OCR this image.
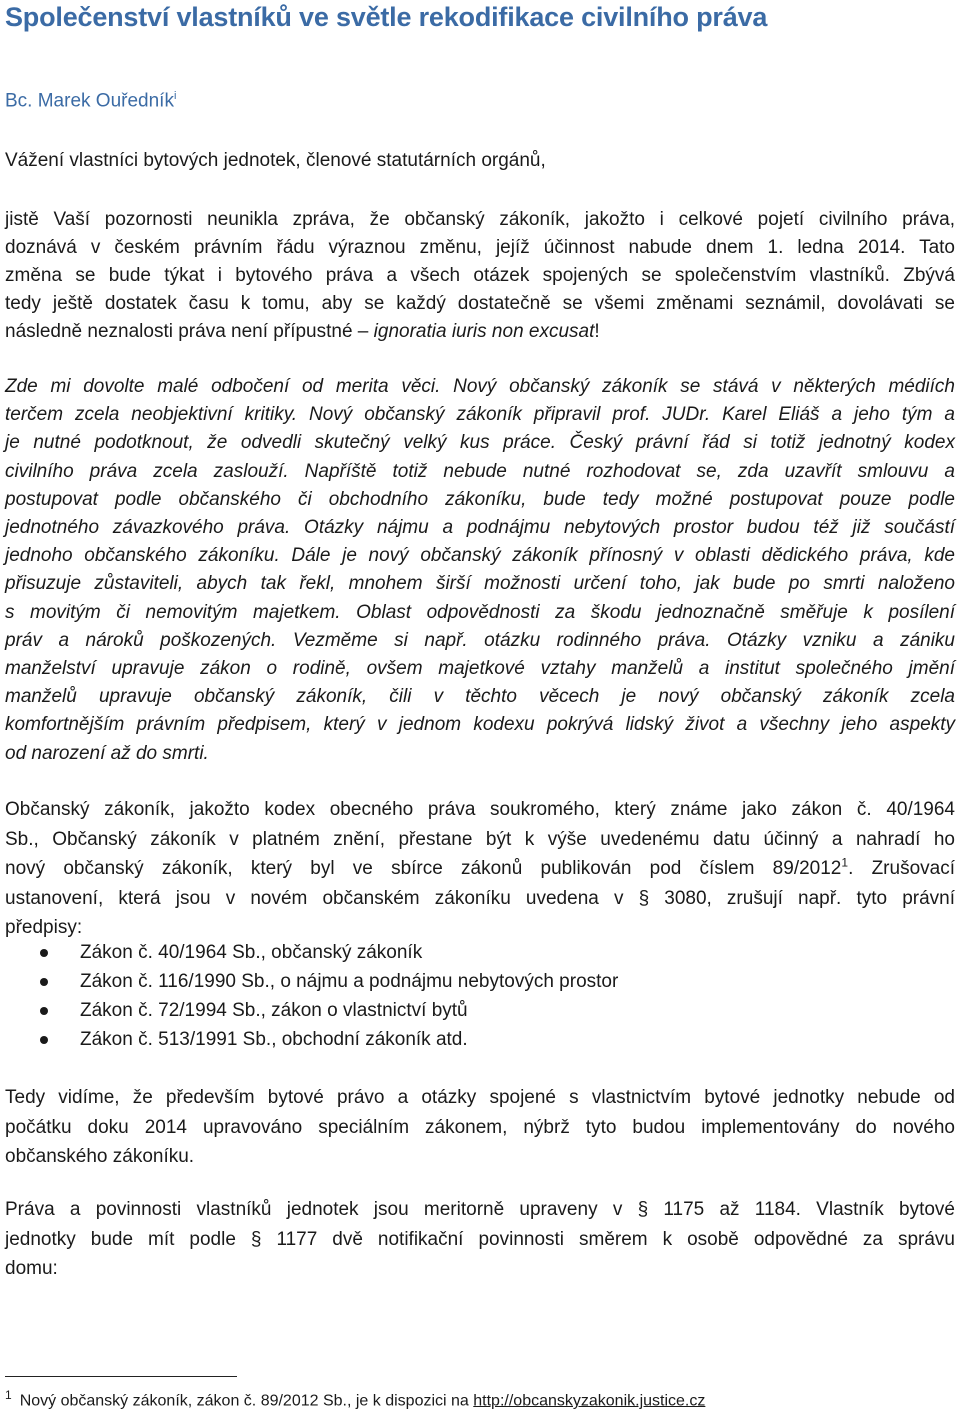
Společenství vlastníků ve světle rekodifikace civilního práva
Bc. Marek Ouředník$^i$
Vážení vlastníci bytových jednotek, členové statutárních orgánů,
jistě Vaší pozornosti neunikla zpráva, že občanský zákoník, jakožto i celkové pojetí civilního práva,
doznává v českém právním řádu výraznou změnu, jejíž účinnost nabude dnem 1. ledna 2014. Tato
změna se bude týkat i bytového práva a všech otázek spojených se společenstvím vlastníků. Zbývá
tedy ještě dostatek času k tomu, aby se každý dostatečně se všemi změnami seznámil, dovolávati se
následně neznalosti práva není přípustné – ignoratia iuris non excusat!
Zde mi dovolte malé odbočení od merita věci. Nový občanský zákoník se stává v některých médiích
terčem zcela neobjektivní kritiky. Nový občanský zákoník připravil prof. JUDr. Karel Eliáš a jeho tým a
je nutné podotknout, že odvedli skutečný velký kus práce. Český právní řád si totiž jednotný kodex
civilního práva zcela zaslouží. Napříště totiž nebude nutné rozhodovat se, zda uzavřít smlouvu a
postupovat podle občanského či obchodního zákoníku, bude tedy možné postupovat pouze podle
jednotného závazkového práva. Otázky nájmu a podnájmu nebytových prostor budou též již součástí
jednoho občanského zákoníku. Dále je nový občanský zákoník přínosný v oblasti dědického práva, kde
přisuzuje zůstaviteli, abych tak řekl, mnohem širší možnosti určení toho, jak bude po smrti naloženo
s movitým či nemovitým majetkem. Oblast odpovědnosti za škodu jednoznačně směřuje k posílení
práv a nároků poškozených. Vezměme si např. otázku rodinného práva. Otázky vzniku a zániku
manželství upravuje zákon o rodině, ovšem majetkové vztahy manželů a institut společného jmění
manželů upravuje občanský zákoník, čili v těchto věcech je nový občanský zákoník zcela
komfortnějším právním předpisem, který v jednom kodexu pokrývá lidský život a všechny jeho aspekty
od narození až do smrti.
Občanský zákoník, jakožto kodex obecného práva soukromého, který známe jako zákon č. 40/1964
Sb., Občanský zákoník v platném znění, přestane být k výše uvedenému datu účinný a nahradí ho
nový občanský zákoník, který byl ve sbírce zákonů publikován pod číslem 89/2012$^1$. Zrušovací
ustanovení, která jsou v novém občanském zákoníku uvedena v § 3080, zrušují např. tyto právní
předpisy:
Zákon č. 40/1964 Sb., občanský zákoník
Zákon č. 116/1990 Sb., o nájmu a podnájmu nebytových prostor
Zákon č. 72/1994 Sb., zákon o vlastnictví bytů
Zákon č. 513/1991 Sb., obchodní zákoník atd.
Tedy vidíme, že především bytové právo a otázky spojené s vlastnictvím bytové jednotky nebude od
počátku doku 2014 upravováno speciálním zákonem, nýbrž tyto budou implementovány do nového
občanského zákoníku.
Práva a povinnosti vlastníků jednotek jsou meritorně upraveny v § 1175 až 1184. Vlastník bytové
jednotky bude mít podle § 1177 dvě notifikační povinnosti směrem k osobě odpovědné za správu
domu:
$^1$ Nový občanský zákoník, zákon č. 89/2012 Sb., je k dispozici na http://obcanskyzakonik.justice.cz
